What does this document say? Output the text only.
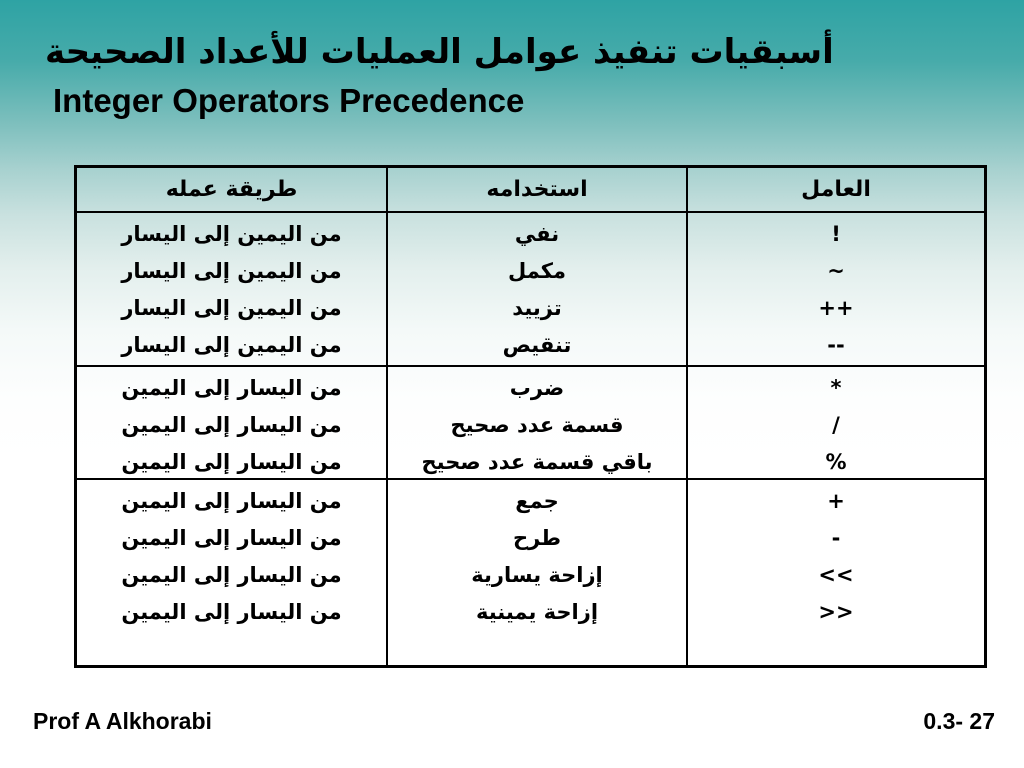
أسبقيات تنفيذ عوامل العمليات للأعداد الصحيحة
Integer Operators Precedence
العامل
استخدامه
طريقة عمله
!
~
++
--
نفي
مكمل
تزييد
تنقيص
من اليمين إلى اليسار
من اليمين إلى اليسار
من اليمين إلى اليسار
من اليمين إلى اليسار
*
/
%
ضرب
قسمة عدد صحيح
باقي قسمة عدد صحيح
من اليسار إلى اليمين
من اليسار إلى اليمين
من اليسار إلى اليمين
+
-
<<
>>
جمع
طرح
إزاحة يسارية
إزاحة يمينية
من اليسار إلى اليمين
من اليسار إلى اليمين
من اليسار إلى اليمين
من اليسار إلى اليمين
Prof A Alkhorabi	0.3- 27
